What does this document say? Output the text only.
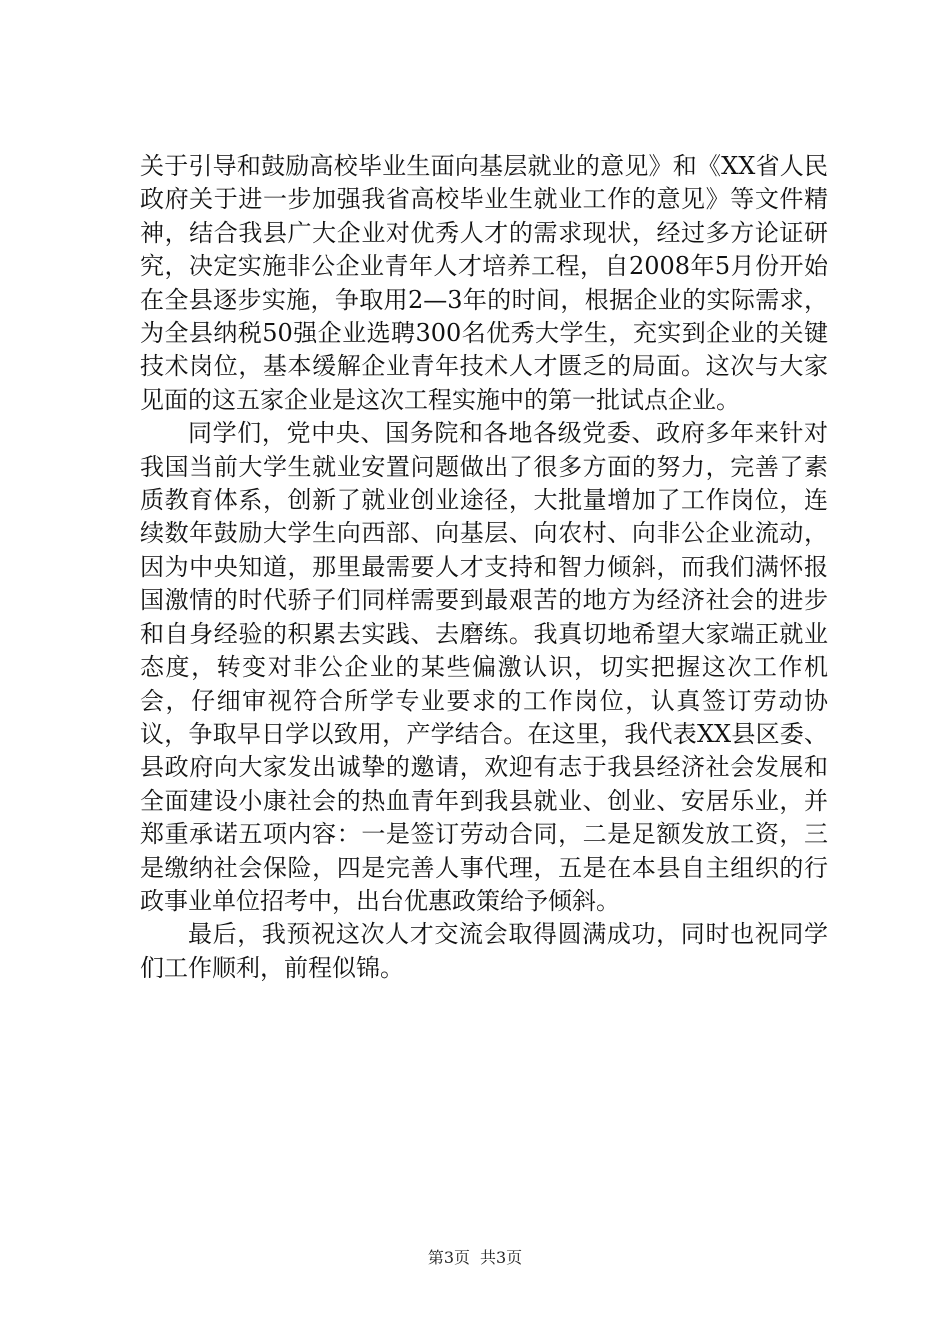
关于引导和鼓励高校毕业生面向基层就业的意见》和《XX省人民政府关于进一步加强我省高校毕业生就业工作的意见》等文件精神，结合我县广大企业对优秀人才的需求现状，经过多方论证研究，决定实施非公企业青年人才培养工程，自2008年5月份开始在全县逐步实施，争取用2—3年的时间，根据企业的实际需求，为全县纳税50强企业选聘300名优秀大学生，充实到企业的关键技术岗位，基本缓解企业青年技术人才匮乏的局面。这次与大家见面的这五家企业是这次工程实施中的第一批试点企业。

同学们，党中央、国务院和各地各级党委、政府多年来针对我国当前大学生就业安置问题做出了很多方面的努力，完善了素质教育体系，创新了就业创业途径，大批量增加了工作岗位，连续数年鼓励大学生向西部、向基层、向农村、向非公企业流动，因为中央知道，那里最需要人才支持和智力倾斜，而我们满怀报国激情的时代骄子们同样需要到最艰苦的地方为经济社会的进步和自身经验的积累去实践、去磨练。我真切地希望大家端正就业态度，转变对非公企业的某些偏激认识，切实把握这次工作机会，仔细审视符合所学专业要求的工作岗位，认真签订劳动协议，争取早日学以致用，产学结合。在这里，我代表XX县区委、县政府向大家发出诚挚的邀请，欢迎有志于我县经济社会发展和全面建设小康社会的热血青年到我县就业、创业、安居乐业，并郑重承诺五项内容：一是签订劳动合同，二是足额发放工资，三是缴纳社会保险，四是完善人事代理，五是在本县自主组织的行政事业单位招考中，出台优惠政策给予倾斜。

最后，我预祝这次人才交流会取得圆满成功，同时也祝同学们工作顺利，前程似锦。

第3页 共3页
